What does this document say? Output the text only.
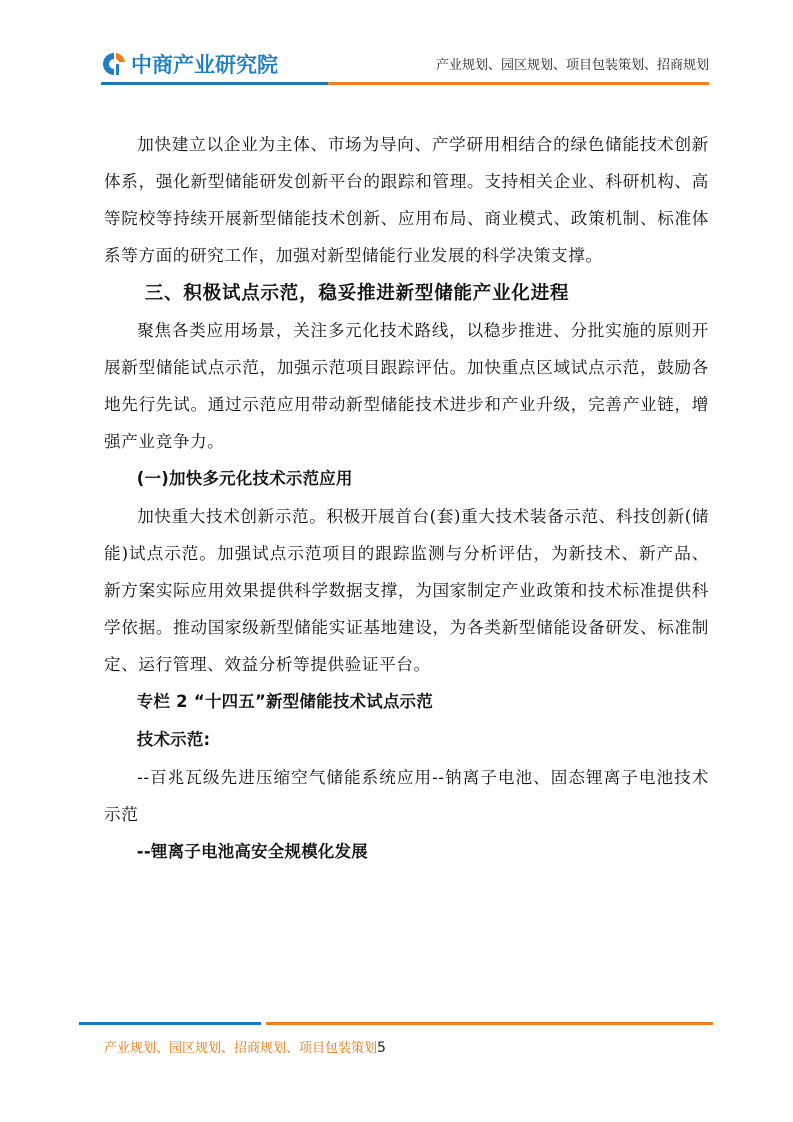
中商产业研究院	产业规划、园区规划、项目包装策划、招商规划

加快建立以企业为主体、市场为导向、产学研用相结合的绿色储能技术创新体系，强化新型储能研发创新平台的跟踪和管理。支持相关企业、科研机构、高等院校等持续开展新型储能技术创新、应用布局、商业模式、政策机制、标准体系等方面的研究工作，加强对新型储能行业发展的科学决策支撑。

三、积极试点示范，稳妥推进新型储能产业化进程

聚焦各类应用场景，关注多元化技术路线，以稳步推进、分批实施的原则开展新型储能试点示范，加强示范项目跟踪评估。加快重点区域试点示范，鼓励各地先行先试。通过示范应用带动新型储能技术进步和产业升级，完善产业链，增强产业竞争力。

(一)加快多元化技术示范应用

加快重大技术创新示范。积极开展首台(套)重大技术装备示范、科技创新(储能)试点示范。加强试点示范项目的跟踪监测与分析评估，为新技术、新产品、新方案实际应用效果提供科学数据支撑，为国家制定产业政策和技术标准提供科学依据。推动国家级新型储能实证基地建设，为各类新型储能设备研发、标准制定、运行管理、效益分析等提供验证平台。

专栏 2 “十四五”新型储能技术试点示范

技术示范:

--百兆瓦级先进压缩空气储能系统应用--钠离子电池、固态锂离子电池技术示范

--锂离子电池高安全规模化发展

产业规划、园区规划、招商规划、项目包装策划5
